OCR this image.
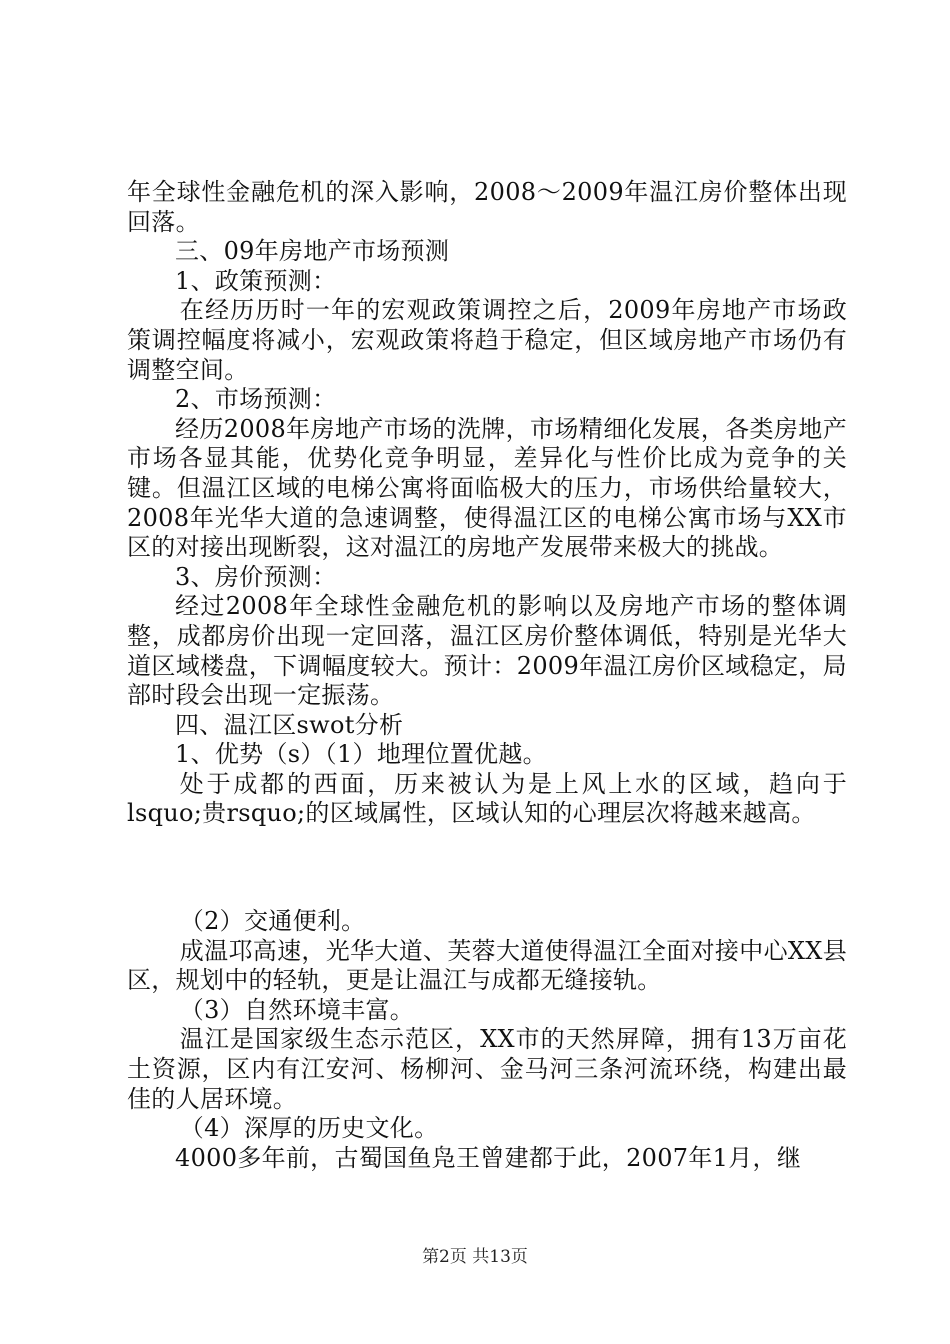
年全球性金融危机的深入影响，2008～2009年温江房价整体出现回落。

三、09年房地产市场预测

1、政策预测：

在经历历时一年的宏观政策调控之后，2009年房地产市场政策调控幅度将减小，宏观政策将趋于稳定，但区域房地产市场仍有调整空间。

2、市场预测：

经历2008年房地产市场的洗牌，市场精细化发展，各类房地产市场各显其能，优势化竞争明显，差异化与性价比成为竞争的关键。但温江区域的电梯公寓将面临极大的压力，市场供给量较大，2008年光华大道的急速调整，使得温江区的电梯公寓市场与XX市区的对接出现断裂，这对温江的房地产发展带来极大的挑战。

3、房价预测：

经过2008年全球性金融危机的影响以及房地产市场的整体调整，成都房价出现一定回落，温江区房价整体调低，特别是光华大道区域楼盘，下调幅度较大。预计：2009年温江房价区域稳定，局部时段会出现一定振荡。

四、温江区swot分析

1、优势（s）（1）地理位置优越。

处于成都的西面，历来被认为是上风上水的区域，趋向于lsquo;贵rsquo;的区域属性，区域认知的心理层次将越来越高。

（2）交通便利。

成温邛高速，光华大道、芙蓉大道使得温江全面对接中心XX县区，规划中的轻轨，更是让温江与成都无缝接轨。

（3）自然环境丰富。

温江是国家级生态示范区，XX市的天然屏障，拥有13万亩花土资源，区内有江安河、杨柳河、金马河三条河流环绕，构建出最佳的人居环境。

（4）深厚的历史文化。

4000多年前，古蜀国鱼凫王曾建都于此，2007年1月，继

第2页 共13页
